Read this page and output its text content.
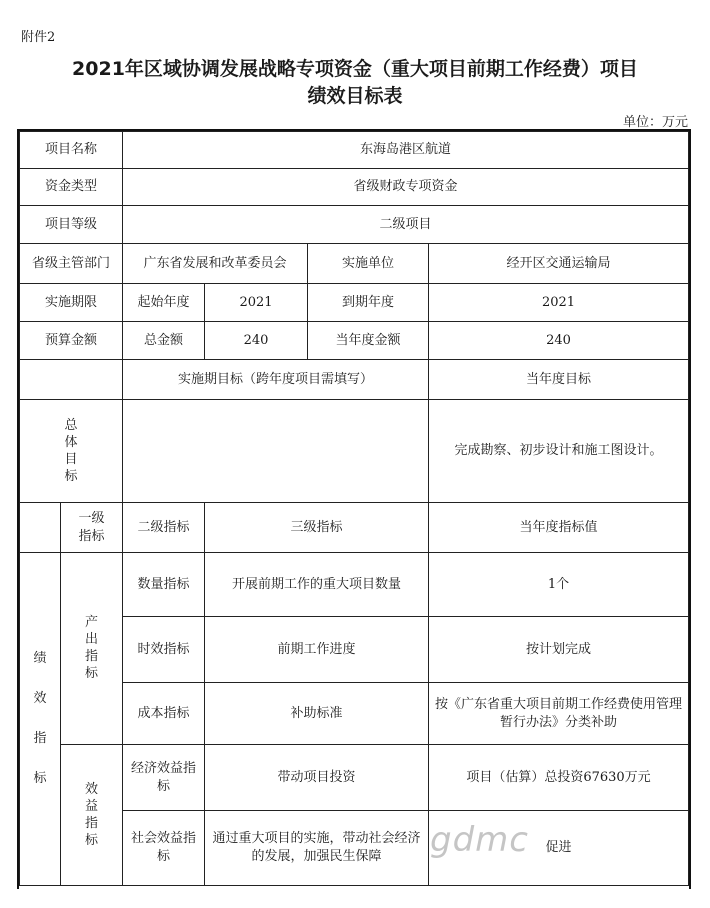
附件2
2021年区域协调发展战略专项资金（重大项目前期工作经费）项目
绩效目标表
单位：万元
项目名称		东海岛港区航道			
资金类型		省级财政专项资金			
项目等级		二级项目			
省级主管部门		广东省发展和改革委员会		实施单位	经开区交通运输局
实施期限		起始年度	2021	到期年度	2021
预算金额		总金额	240	当年度金额	240
		实施期目标（跨年度项目需填写）			当年度目标
总体目标					完成勘察、初步设计和施工图设计。
	一级指标	二级指标	三级指标		当年度指标值
绩效指标	产出指标	数量指标	开展前期工作的重大项目数量		1个
		时效指标	前期工作进度		按计划完成
		成本指标	补助标准		按《广东省重大项目前期工作经费使用管理暂行办法》分类补助
	效益指标	经济效益指标	带动项目投资		项目（估算）总投资67630万元
		社会效益指标	通过重大项目的实施，带动社会经济的发展，加强民生保障		促进
gdmc
